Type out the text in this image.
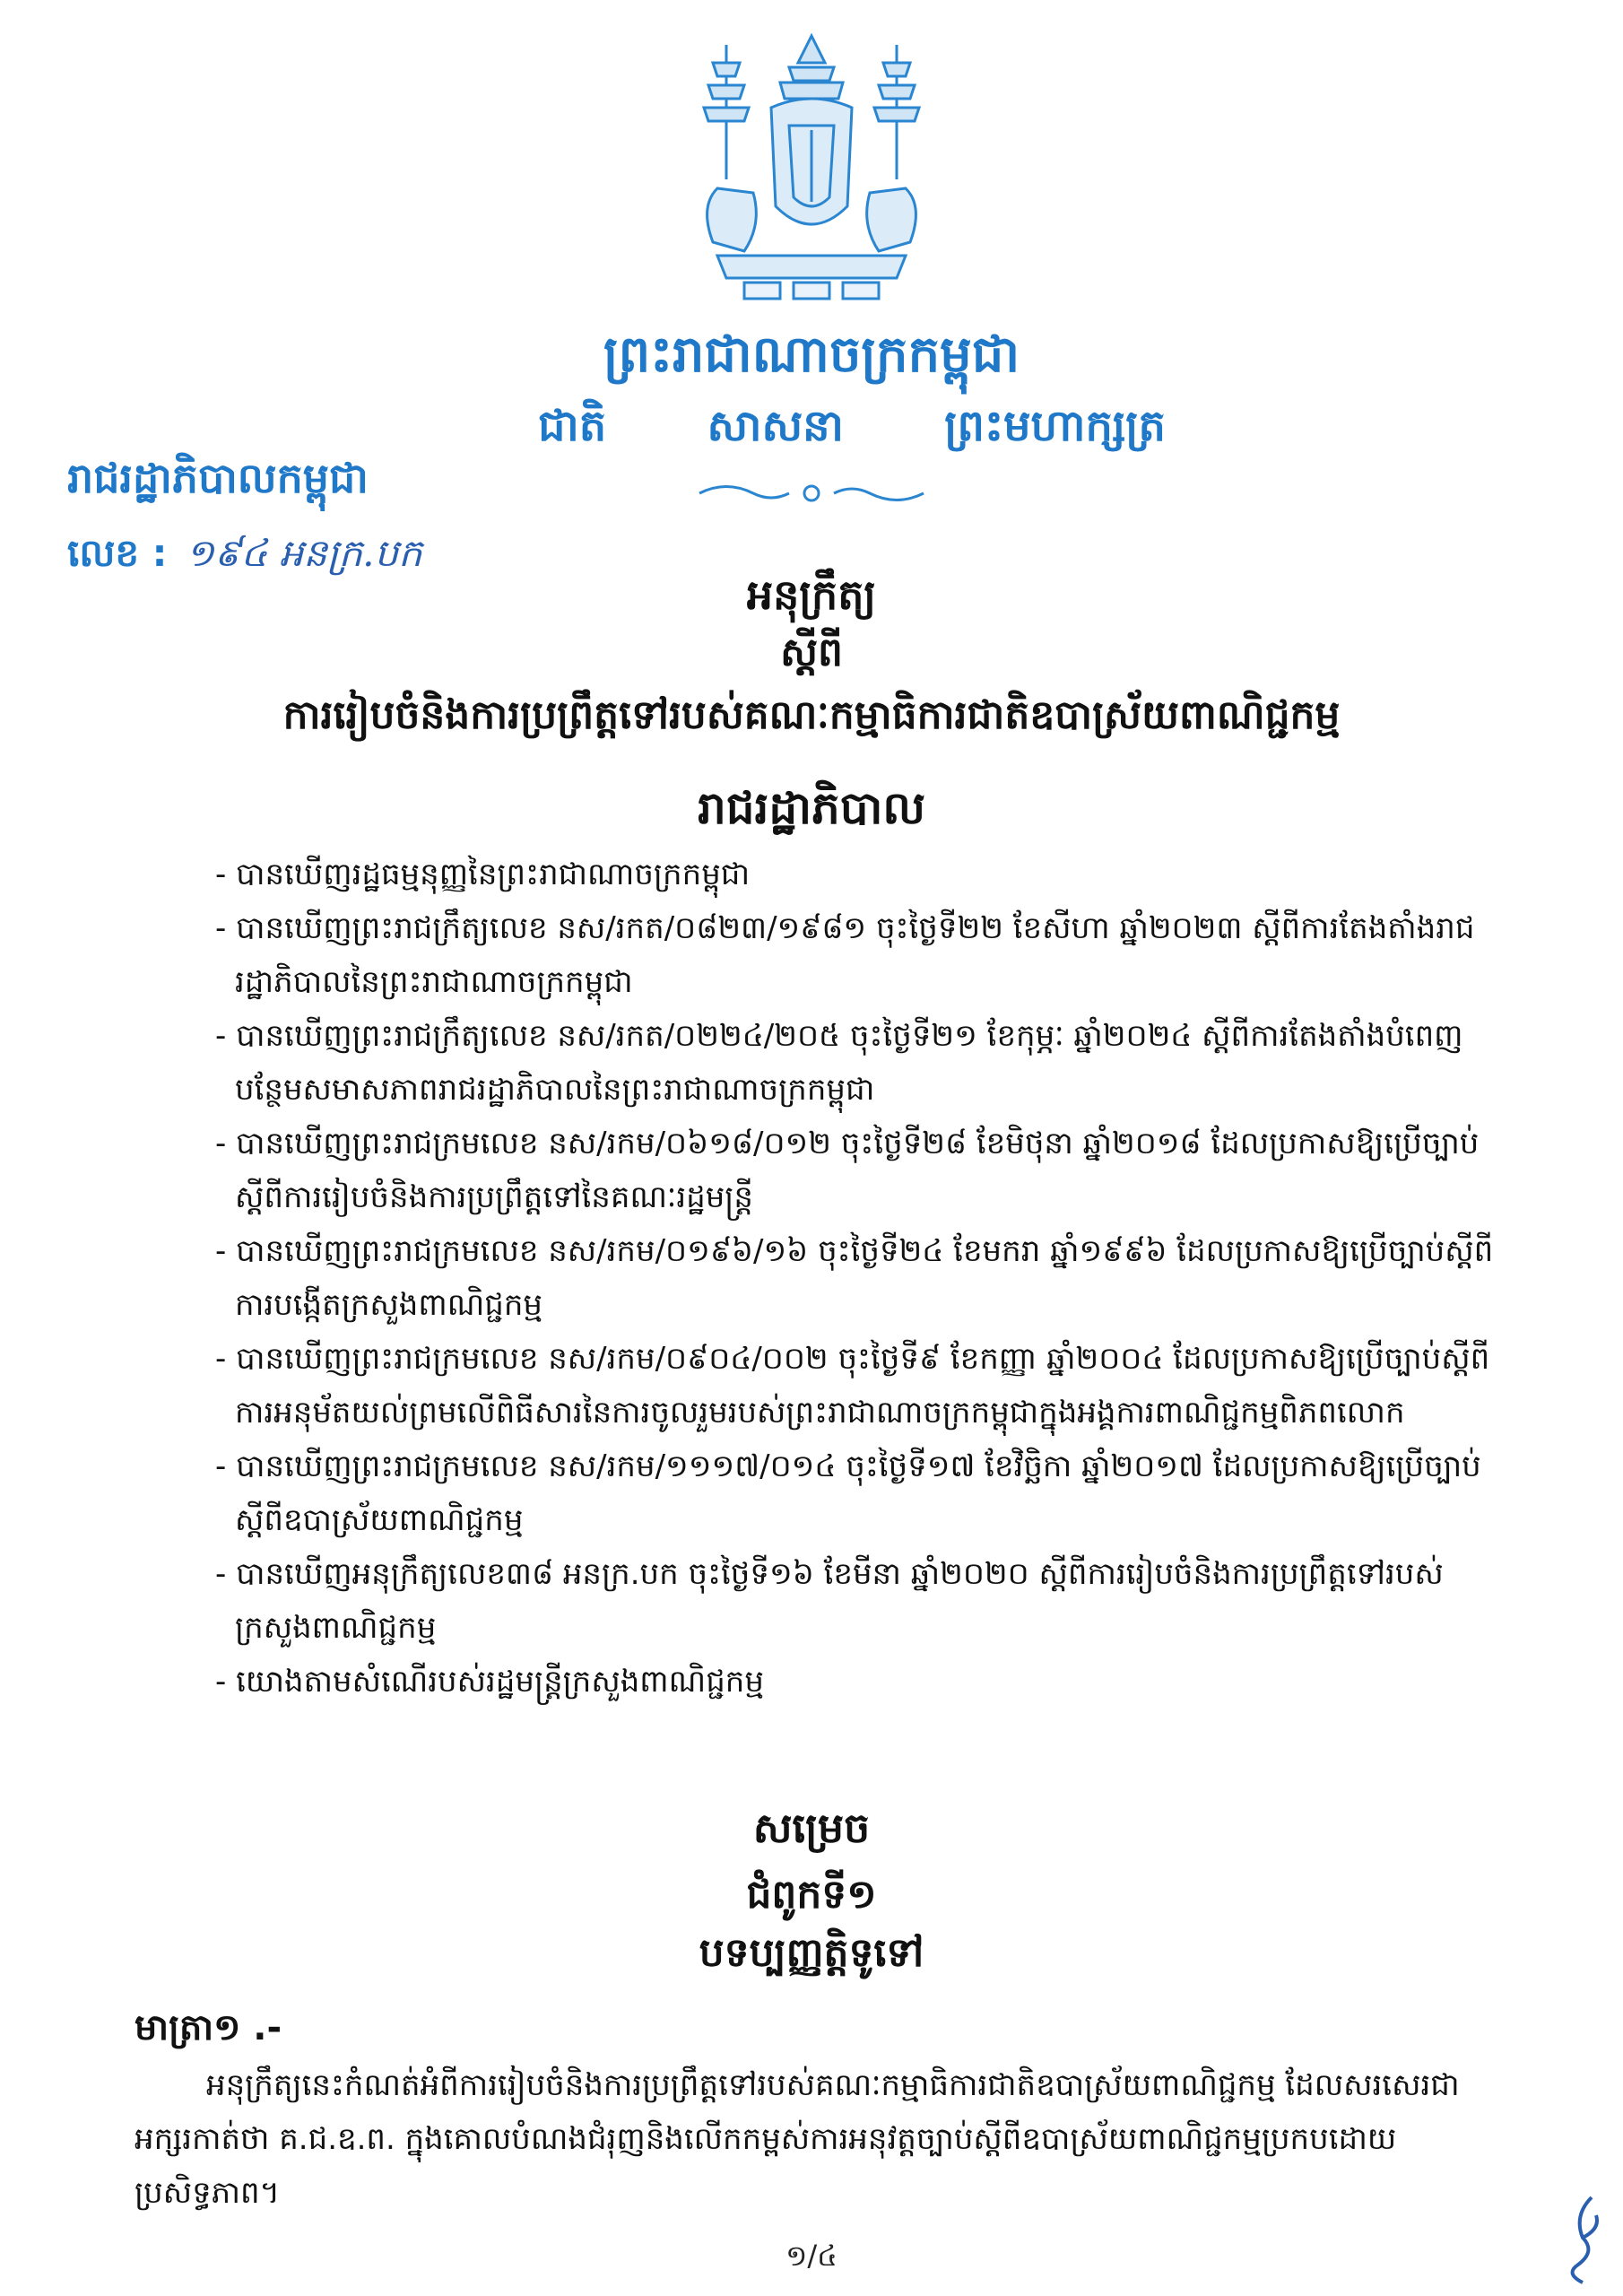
ព្រះរាជាណាចក្រកម្ពុជា
ជាតិ សាសនា ព្រះមហាក្សត្រ
រាជរដ្ឋាភិបាលកម្ពុជា
លេខ : ១៩៤ អនក្រ.បក
អនុក្រឹត្យ
ស្តីពី
ការរៀបចំនិងការប្រព្រឹត្តទៅរបស់គណៈកម្មាធិការជាតិឧបាស្រ័យពាណិជ្ជកម្ម
រាជរដ្ឋាភិបាល
- បានឃើញរដ្ឋធម្មនុញ្ញនៃព្រះរាជាណាចក្រកម្ពុជា
- បានឃើញព្រះរាជក្រឹត្យលេខ នស/រកត/០៨២៣/១៩៨១ ចុះថ្ងៃទី២២ ខែសីហា ឆ្នាំ២០២៣ ស្តីពីការតែងតាំងរាជរដ្ឋាភិបាលនៃព្រះរាជាណាចក្រកម្ពុជា
- បានឃើញព្រះរាជក្រឹត្យលេខ នស/រកត/០២២៤/២០៥ ចុះថ្ងៃទី២១ ខែកុម្ភៈ ឆ្នាំ២០២៤ ស្តីពីការតែងតាំងបំពេញបន្ថែមសមាសភាពរាជរដ្ឋាភិបាលនៃព្រះរាជាណាចក្រកម្ពុជា
- បានឃើញព្រះរាជក្រមលេខ នស/រកម/០៦១៨/០១២ ចុះថ្ងៃទី២៨ ខែមិថុនា ឆ្នាំ២០១៨ ដែលប្រកាសឱ្យប្រើច្បាប់ស្តីពីការរៀបចំនិងការប្រព្រឹត្តទៅនៃគណៈរដ្ឋមន្ត្រី
- បានឃើញព្រះរាជក្រមលេខ នស/រកម/០១៩៦/១៦ ចុះថ្ងៃទី២៤ ខែមករា ឆ្នាំ១៩៩៦ ដែលប្រកាសឱ្យប្រើច្បាប់ស្តីពីការបង្កើតក្រសួងពាណិជ្ជកម្ម
- បានឃើញព្រះរាជក្រមលេខ នស/រកម/០៩០៤/០០២ ចុះថ្ងៃទី៩ ខែកញ្ញា ឆ្នាំ២០០៤ ដែលប្រកាសឱ្យប្រើច្បាប់ស្តីពីការអនុម័តយល់ព្រមលើពិធីសារនៃការចូលរួមរបស់ព្រះរាជាណាចក្រកម្ពុជាក្នុងអង្គការពាណិជ្ជកម្មពិភពលោក
- បានឃើញព្រះរាជក្រមលេខ នស/រកម/១១១៧/០១៤ ចុះថ្ងៃទី១៧ ខែវិច្ឆិកា ឆ្នាំ២០១៧ ដែលប្រកាសឱ្យប្រើច្បាប់ស្តីពីឧបាស្រ័យពាណិជ្ជកម្ម
- បានឃើញអនុក្រឹត្យលេខ៣៨ អនក្រ.បក ចុះថ្ងៃទី១៦ ខែមីនា ឆ្នាំ២០២០ ស្តីពីការរៀបចំនិងការប្រព្រឹត្តទៅរបស់ក្រសួងពាណិជ្ជកម្ម
- យោងតាមសំណើរបស់រដ្ឋមន្ត្រីក្រសួងពាណិជ្ជកម្ម
សម្រេច
ជំពូកទី១
បទប្បញ្ញត្តិទូទៅ
មាត្រា១ .-
អនុក្រឹត្យនេះកំណត់អំពីការរៀបចំនិងការប្រព្រឹត្តទៅរបស់គណៈកម្មាធិការជាតិឧបាស្រ័យពាណិជ្ជកម្ម ដែលសរសេរជាអក្សរកាត់ថា គ.ជ.ឧ.ព. ក្នុងគោលបំណងជំរុញនិងលើកកម្ពស់ការអនុវត្តច្បាប់ស្តីពីឧបាស្រ័យពាណិជ្ជកម្មប្រកបដោយប្រសិទ្ធភាព។
១/៤
